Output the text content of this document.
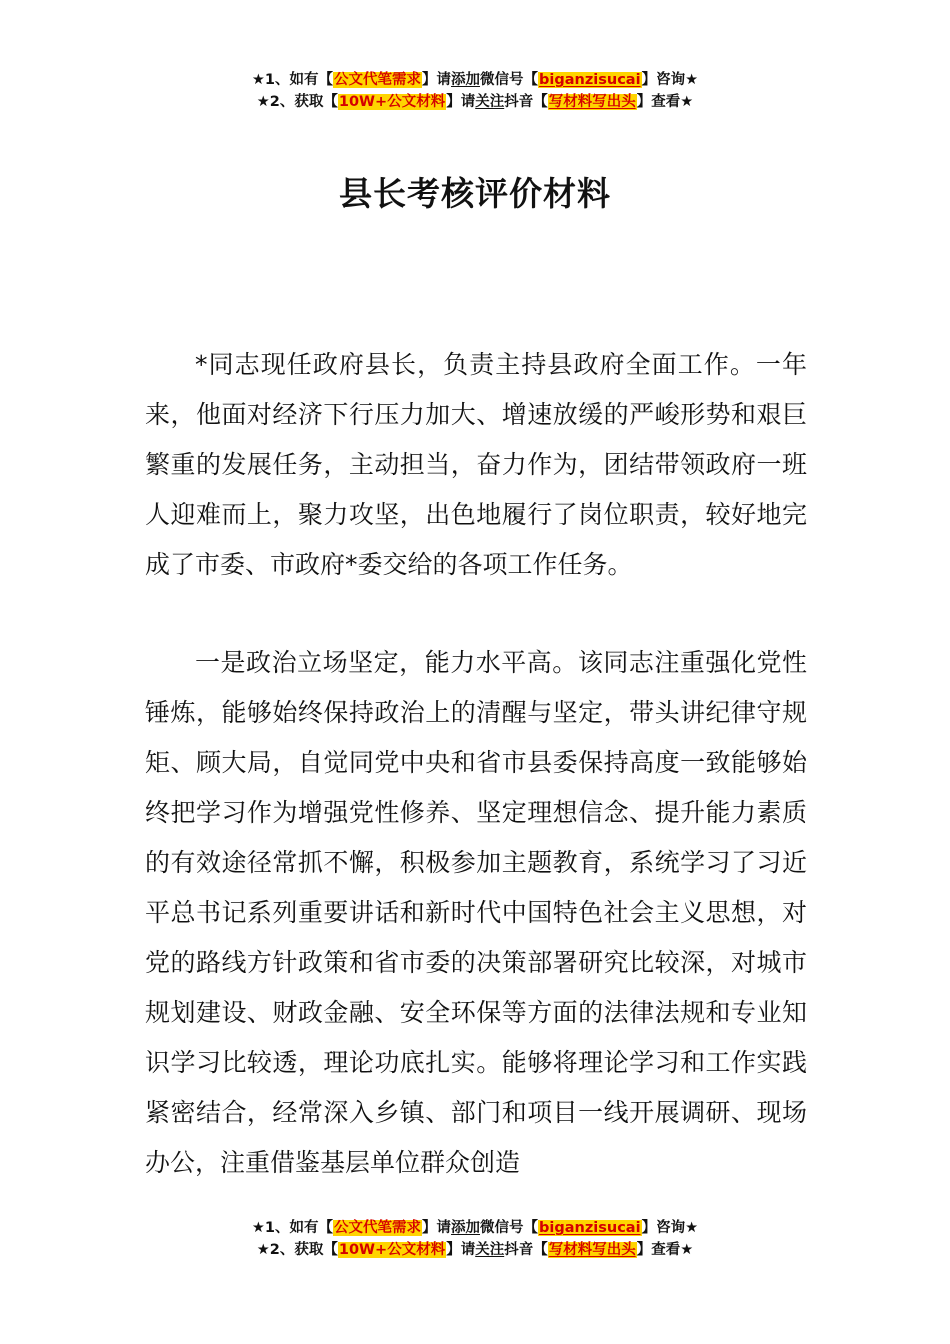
★1、如有【公文代笔需求】请添加微信号【biganzisucai】咨询★
★2、获取【10W+公文材料】请关注抖音【写材料写出头】查看★
县长考核评价材料

*同志现任政府县长，负责主持县政府全面工作。一年来，他面对经济下行压力加大、增速放缓的严峻形势和艰巨繁重的发展任务，主动担当，奋力作为，团结带领政府一班人迎难而上，聚力攻坚，出色地履行了岗位职责，较好地完成了市委、市政府*委交给的各项工作任务。

一是政治立场坚定，能力水平高。该同志注重强化党性锤炼，能够始终保持政治上的清醒与坚定，带头讲纪律守规矩、顾大局，自觉同党中央和省市县委保持高度一致能够始终把学习作为增强党性修养、坚定理想信念、提升能力素质的有效途径常抓不懈，积极参加主题教育，系统学习了习近平总书记系列重要讲话和新时代中国特色社会主义思想，对党的路线方针政策和省市委的决策部署研究比较深，对城市规划建设、财政金融、安全环保等方面的法律法规和专业知识学习比较透，理论功底扎实。能够将理论学习和工作实践紧密结合，经常深入乡镇、部门和项目一线开展调研、现场办公，注重借鉴基层单位群众创造

★1、如有【公文代笔需求】请添加微信号【biganzisucai】咨询★
★2、获取【10W+公文材料】请关注抖音【写材料写出头】查看★
